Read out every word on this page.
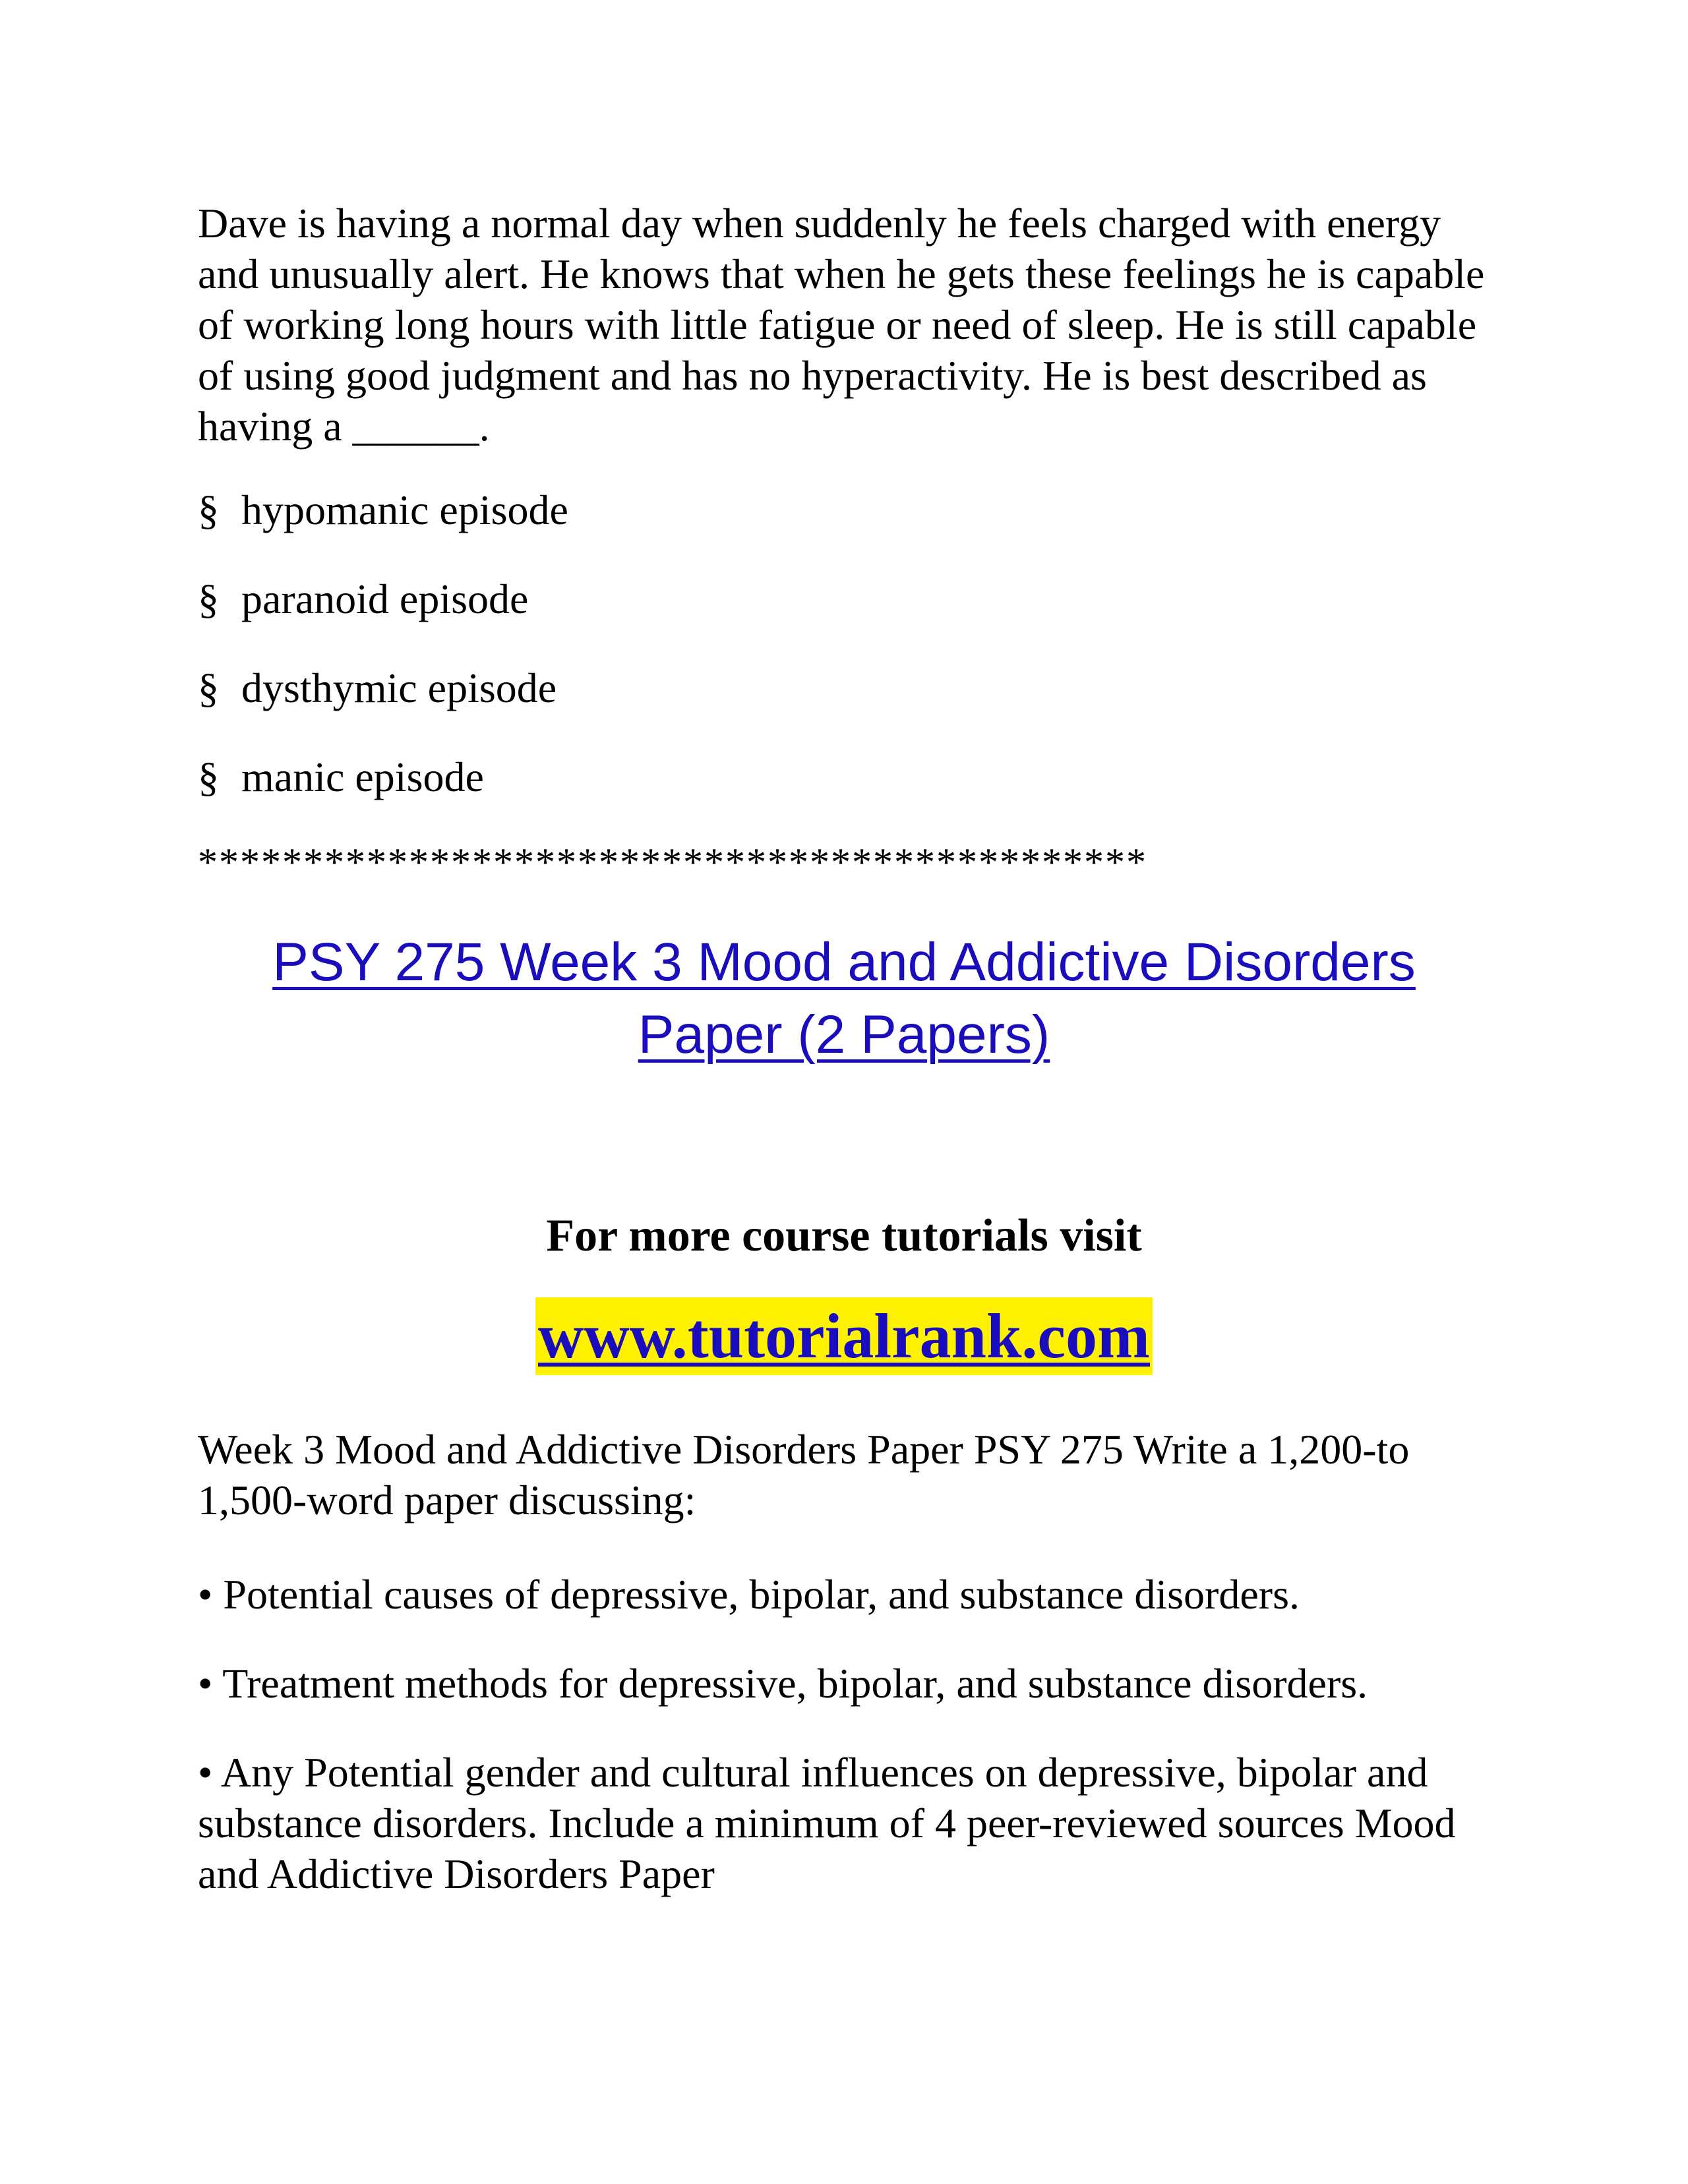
Dave is having a normal day when suddenly he feels charged with energy and unusually alert. He knows that when he gets these feelings he is capable of working long hours with little fatigue or need of sleep. He is still capable of using good judgment and has no hyperactivity. He is best described as having a ______.

§ hypomanic episode
§ paranoid episode
§ dysthymic episode
§ manic episode
*********************************************
PSY 275 Week 3 Mood and Addictive Disorders
Paper (2 Papers)
For more course tutorials visit
www.tutorialrank.com

Week 3 Mood and Addictive Disorders Paper PSY 275 Write a 1,200-to 1,500-word paper discussing:

• Potential causes of depressive, bipolar, and substance disorders.

• Treatment methods for depressive, bipolar, and substance disorders.

• Any Potential gender and cultural influences on depressive, bipolar and substance disorders. Include a minimum of 4 peer-reviewed sources Mood and Addictive Disorders Paper
